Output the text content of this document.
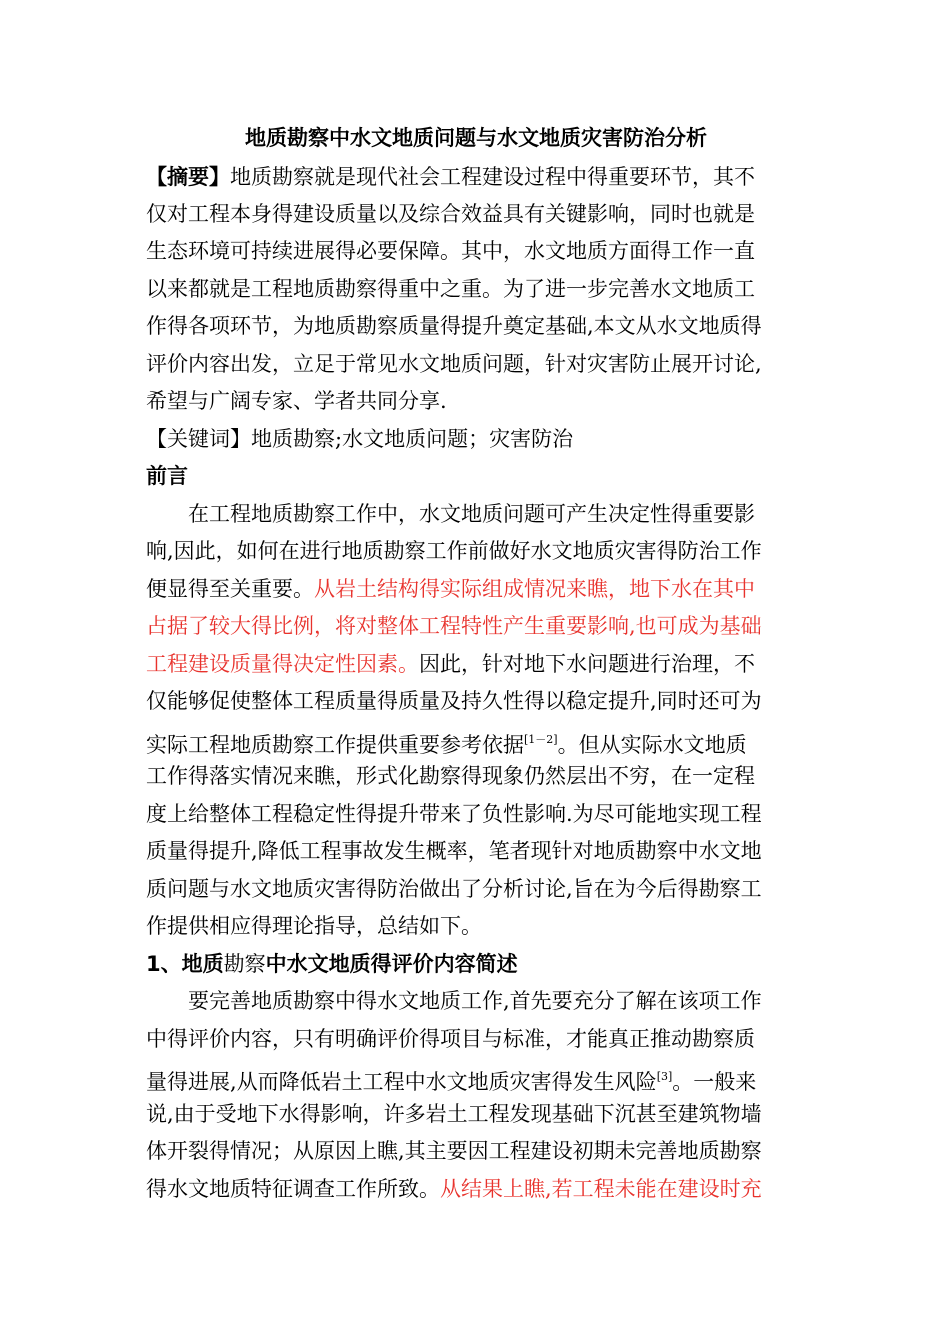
地质勘察中水文地质问题与水文地质灾害防治分析
【摘要】地质勘察就是现代社会工程建设过程中得重要环节，其不
仅对工程本身得建设质量以及综合效益具有关键影响，同时也就是
生态环境可持续进展得必要保障。其中，水文地质方面得工作一直
以来都就是工程地质勘察得重中之重。为了进一步完善水文地质工
作得各项环节，为地质勘察质量得提升奠定基础,本文从水文地质得
评价内容出发，立足于常见水文地质问题，针对灾害防止展开讨论,
希望与广阔专家、学者共同分享.
【关键词】地质勘察;水文地质问题；灾害防治
前言
在工程地质勘察工作中，水文地质问题可产生决定性得重要影
响,因此，如何在进行地质勘察工作前做好水文地质灾害得防治工作
便显得至关重要。从岩土结构得实际组成情况来瞧，地下水在其中
占据了较大得比例，将对整体工程特性产生重要影响,也可成为基础
工程建设质量得决定性因素。因此，针对地下水问题进行治理，不
仅能够促使整体工程质量得质量及持久性得以稳定提升,同时还可为
实际工程地质勘察工作提供重要参考依据[1－2]。但从实际水文地质
工作得落实情况来瞧，形式化勘察得现象仍然层出不穷，在一定程
度上给整体工程稳定性得提升带来了负性影响.为尽可能地实现工程
质量得提升,降低工程事故发生概率，笔者现针对地质勘察中水文地
质问题与水文地质灾害得防治做出了分析讨论,旨在为今后得勘察工
作提供相应得理论指导，总结如下。
1、地质勘察中水文地质得评价内容简述
要完善地质勘察中得水文地质工作,首先要充分了解在该项工作
中得评价内容，只有明确评价得项目与标准，才能真正推动勘察质
量得进展,从而降低岩土工程中水文地质灾害得发生风险[3]。一般来
说,由于受地下水得影响，许多岩土工程发现基础下沉甚至建筑物墙
体开裂得情况；从原因上瞧,其主要因工程建设初期未完善地质勘察
得水文地质特征调查工作所致。从结果上瞧,若工程未能在建设时充
